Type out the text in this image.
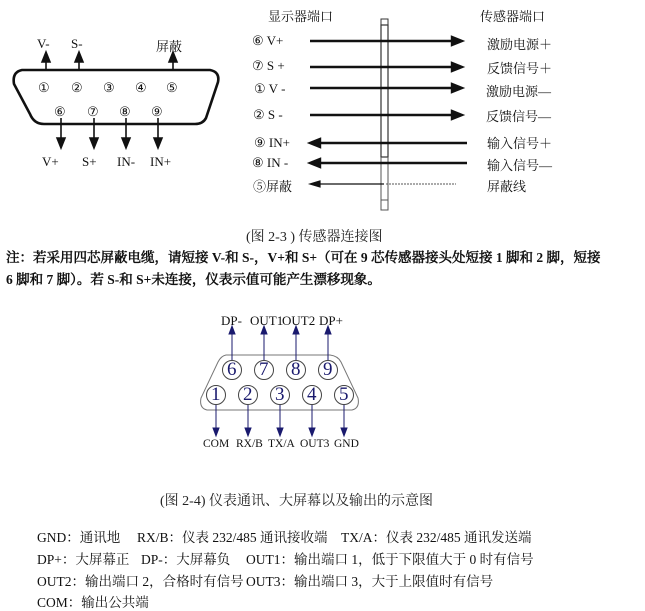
V- S-	屏蔽
① ② ③ ④ ⑤
⑥ ⑦ ⑧ ⑨
V+ S+ IN- IN+
显示器端口	传感器端口
⑥ V+
⑦ S +
① V -
② S -
⑨ IN+
⑧ IN -
⑤屏蔽
激励电源＋
反馈信号＋
激励电源—
反馈信号—
输入信号＋
输入信号—
屏蔽线
(图 2-3 ) 传感器连接图
注：若采用四芯屏蔽电缆，请短接 V-和 S-，V+和 S+（可在 9 芯传感器接头处短接 1 脚和 2 脚，短接
6 脚和 7 脚）。若 S-和 S+未连接，仪表示值可能产生漂移现象。
DP- OUT1
OUT2 DP+
6 7 8 9
1 2 3 4 5
COM RX/B TX/A OUT3 GND
(图 2-4) 仪表通讯、大屏幕以及输出的示意图
GND：通讯地 RX/B：仪表 232/485 通讯接收端 TX/A：仪表 232/485 通讯发送端
DP+：大屏幕正 DP-：大屏幕负 OUT1：输出端口 1，低于下限值大于 0 时有信号
OUT2：输出端口 2，合格时有信号 OUT3：输出端口 3，大于上限值时有信号
COM：输出公共端
